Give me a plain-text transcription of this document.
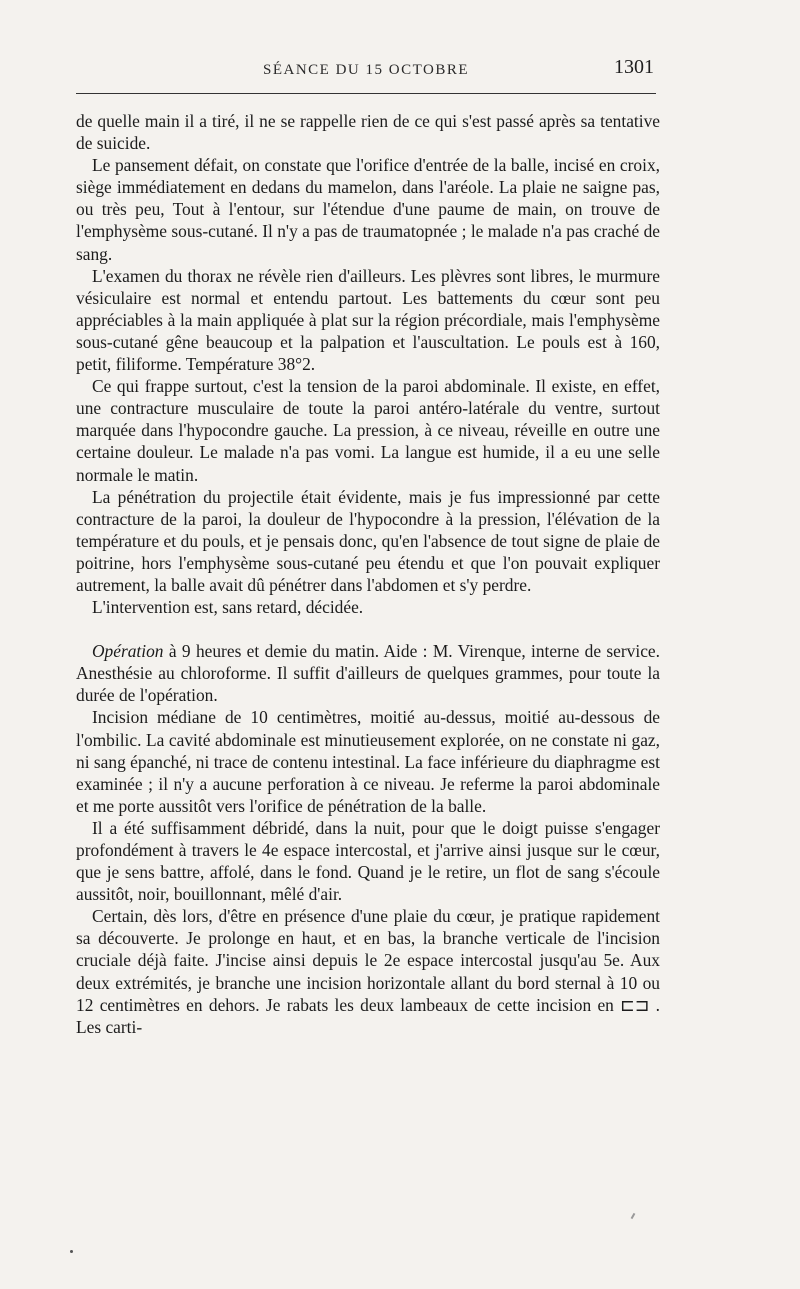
SÉANCE DU 15 OCTOBRE	1301

de quelle main il a tiré, il ne se rappelle rien de ce qui s'est passé après sa tentative de suicide.

Le pansement défait, on constate que l'orifice d'entrée de la balle, incisé en croix, siège immédiatement en dedans du mamelon, dans l'aréole. La plaie ne saigne pas, ou très peu, Tout à l'entour, sur l'étendue d'une paume de main, on trouve de l'emphysème sous-cutané. Il n'y a pas de traumatopnée ; le malade n'a pas craché de sang.

L'examen du thorax ne révèle rien d'ailleurs. Les plèvres sont libres, le murmure vésiculaire est normal et entendu partout. Les battements du cœur sont peu appréciables à la main appliquée à plat sur la région précordiale, mais l'emphysème sous-cutané gêne beaucoup et la palpation et l'auscultation. Le pouls est à 160, petit, filiforme. Température 38°2.

Ce qui frappe surtout, c'est la tension de la paroi abdominale. Il existe, en effet, une contracture musculaire de toute la paroi antéro-latérale du ventre, surtout marquée dans l'hypocondre gauche. La pression, à ce niveau, réveille en outre une certaine douleur. Le malade n'a pas vomi. La langue est humide, il a eu une selle normale le matin.

La pénétration du projectile était évidente, mais je fus impressionné par cette contracture de la paroi, la douleur de l'hypocondre à la pression, l'élévation de la température et du pouls, et je pensais donc, qu'en l'absence de tout signe de plaie de poitrine, hors l'emphysème sous-cutané peu étendu et que l'on pouvait expliquer autrement, la balle avait dû pénétrer dans l'abdomen et s'y perdre.

L'intervention est, sans retard, décidée.

Opération à 9 heures et demie du matin. Aide : M. Virenque, interne de service. Anesthésie au chloroforme. Il suffit d'ailleurs de quelques grammes, pour toute la durée de l'opération.

Incision médiane de 10 centimètres, moitié au-dessus, moitié au-dessous de l'ombilic. La cavité abdominale est minutieusement explorée, on ne constate ni gaz, ni sang épanché, ni trace de contenu intestinal. La face inférieure du diaphragme est examinée ; il n'y a aucune perforation à ce niveau. Je referme la paroi abdominale et me porte aussitôt vers l'orifice de pénétration de la balle.

Il a été suffisamment débridé, dans la nuit, pour que le doigt puisse s'engager profondément à travers le 4e espace intercostal, et j'arrive ainsi jusque sur le cœur, que je sens battre, affolé, dans le fond. Quand je le retire, un flot de sang s'écoule aussitôt, noir, bouillonnant, mêlé d'air.

Certain, dès lors, d'être en présence d'une plaie du cœur, je pratique rapidement sa découverte. Je prolonge en haut, et en bas, la branche verticale de l'incision cruciale déjà faite. J'incise ainsi depuis le 2e espace intercostal jusqu'au 5e. Aux deux extrémités, je branche une incision horizontale allant du bord sternal à 10 ou 12 centimètres en dehors. Je rabats les deux lambeaux de cette incision en ⊏⊐ . Les carti-
